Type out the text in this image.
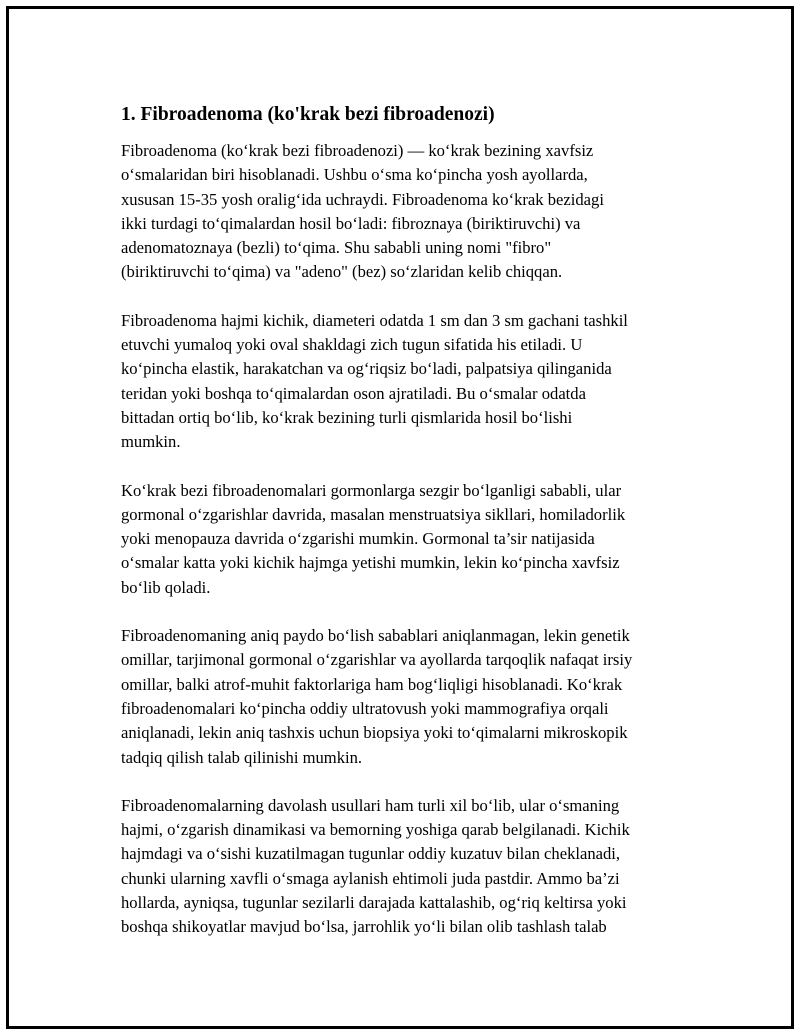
1. Fibroadenoma (ko'krak bezi fibroadenozi)

Fibroadenoma (ko‘krak bezi fibroadenozi) — ko‘krak bezining xavfsiz
o‘smalaridan biri hisoblanadi. Ushbu o‘sma ko‘pincha yosh ayollarda,
xususan 15-35 yosh oralig‘ida uchraydi. Fibroadenoma ko‘krak bezidagi
ikki turdagi to‘qimalardan hosil bo‘ladi: fibroznaya (biriktiruvchi) va
adenomatoznaya (bezli) to‘qima. Shu sababli uning nomi "fibro"
(biriktiruvchi to‘qima) va "adeno" (bez) so‘zlaridan kelib chiqqan.

Fibroadenoma hajmi kichik, diameteri odatda 1 sm dan 3 sm gachani tashkil
etuvchi yumaloq yoki oval shakldagi zich tugun sifatida his etiladi. U
ko‘pincha elastik, harakatchan va og‘riqsiz bo‘ladi, palpatsiya qilinganida
teridan yoki boshqa to‘qimalardan oson ajratiladi. Bu o‘smalar odatda
bittadan ortiq bo‘lib, ko‘krak bezining turli qismlarida hosil bo‘lishi
mumkin.

Ko‘krak bezi fibroadenomalari gormonlarga sezgir bo‘lganligi sababli, ular
gormonal o‘zgarishlar davrida, masalan menstruatsiya sikllari, homiladorlik
yoki menopauza davrida o‘zgarishi mumkin. Gormonal ta’sir natijasida
o‘smalar katta yoki kichik hajmga yetishi mumkin, lekin ko‘pincha xavfsiz
bo‘lib qoladi.

Fibroadenomaning aniq paydo bo‘lish sabablari aniqlanmagan, lekin genetik
omillar, tarjimonal gormonal o‘zgarishlar va ayollarda tarqoqlik nafaqat irsiy
omillar, balki atrof-muhit faktorlariga ham bog‘liqligi hisoblanadi. Ko‘krak
fibroadenomalari ko‘pincha oddiy ultratovush yoki mammografiya orqali
aniqlanadi, lekin aniq tashxis uchun biopsiya yoki to‘qimalarni mikroskopik
tadqiq qilish talab qilinishi mumkin.

Fibroadenomalarning davolash usullari ham turli xil bo‘lib, ular o‘smaning
hajmi, o‘zgarish dinamikasi va bemorning yoshiga qarab belgilanadi. Kichik
hajmdagi va o‘sishi kuzatilmagan tugunlar oddiy kuzatuv bilan cheklanadi,
chunki ularning xavfli o‘smaga aylanish ehtimoli juda pastdir. Ammo ba’zi
hollarda, ayniqsa, tugunlar sezilarli darajada kattalashib, og‘riq keltirsa yoki
boshqa shikoyatlar mavjud bo‘lsa, jarrohlik yo‘li bilan olib tashlash talab
